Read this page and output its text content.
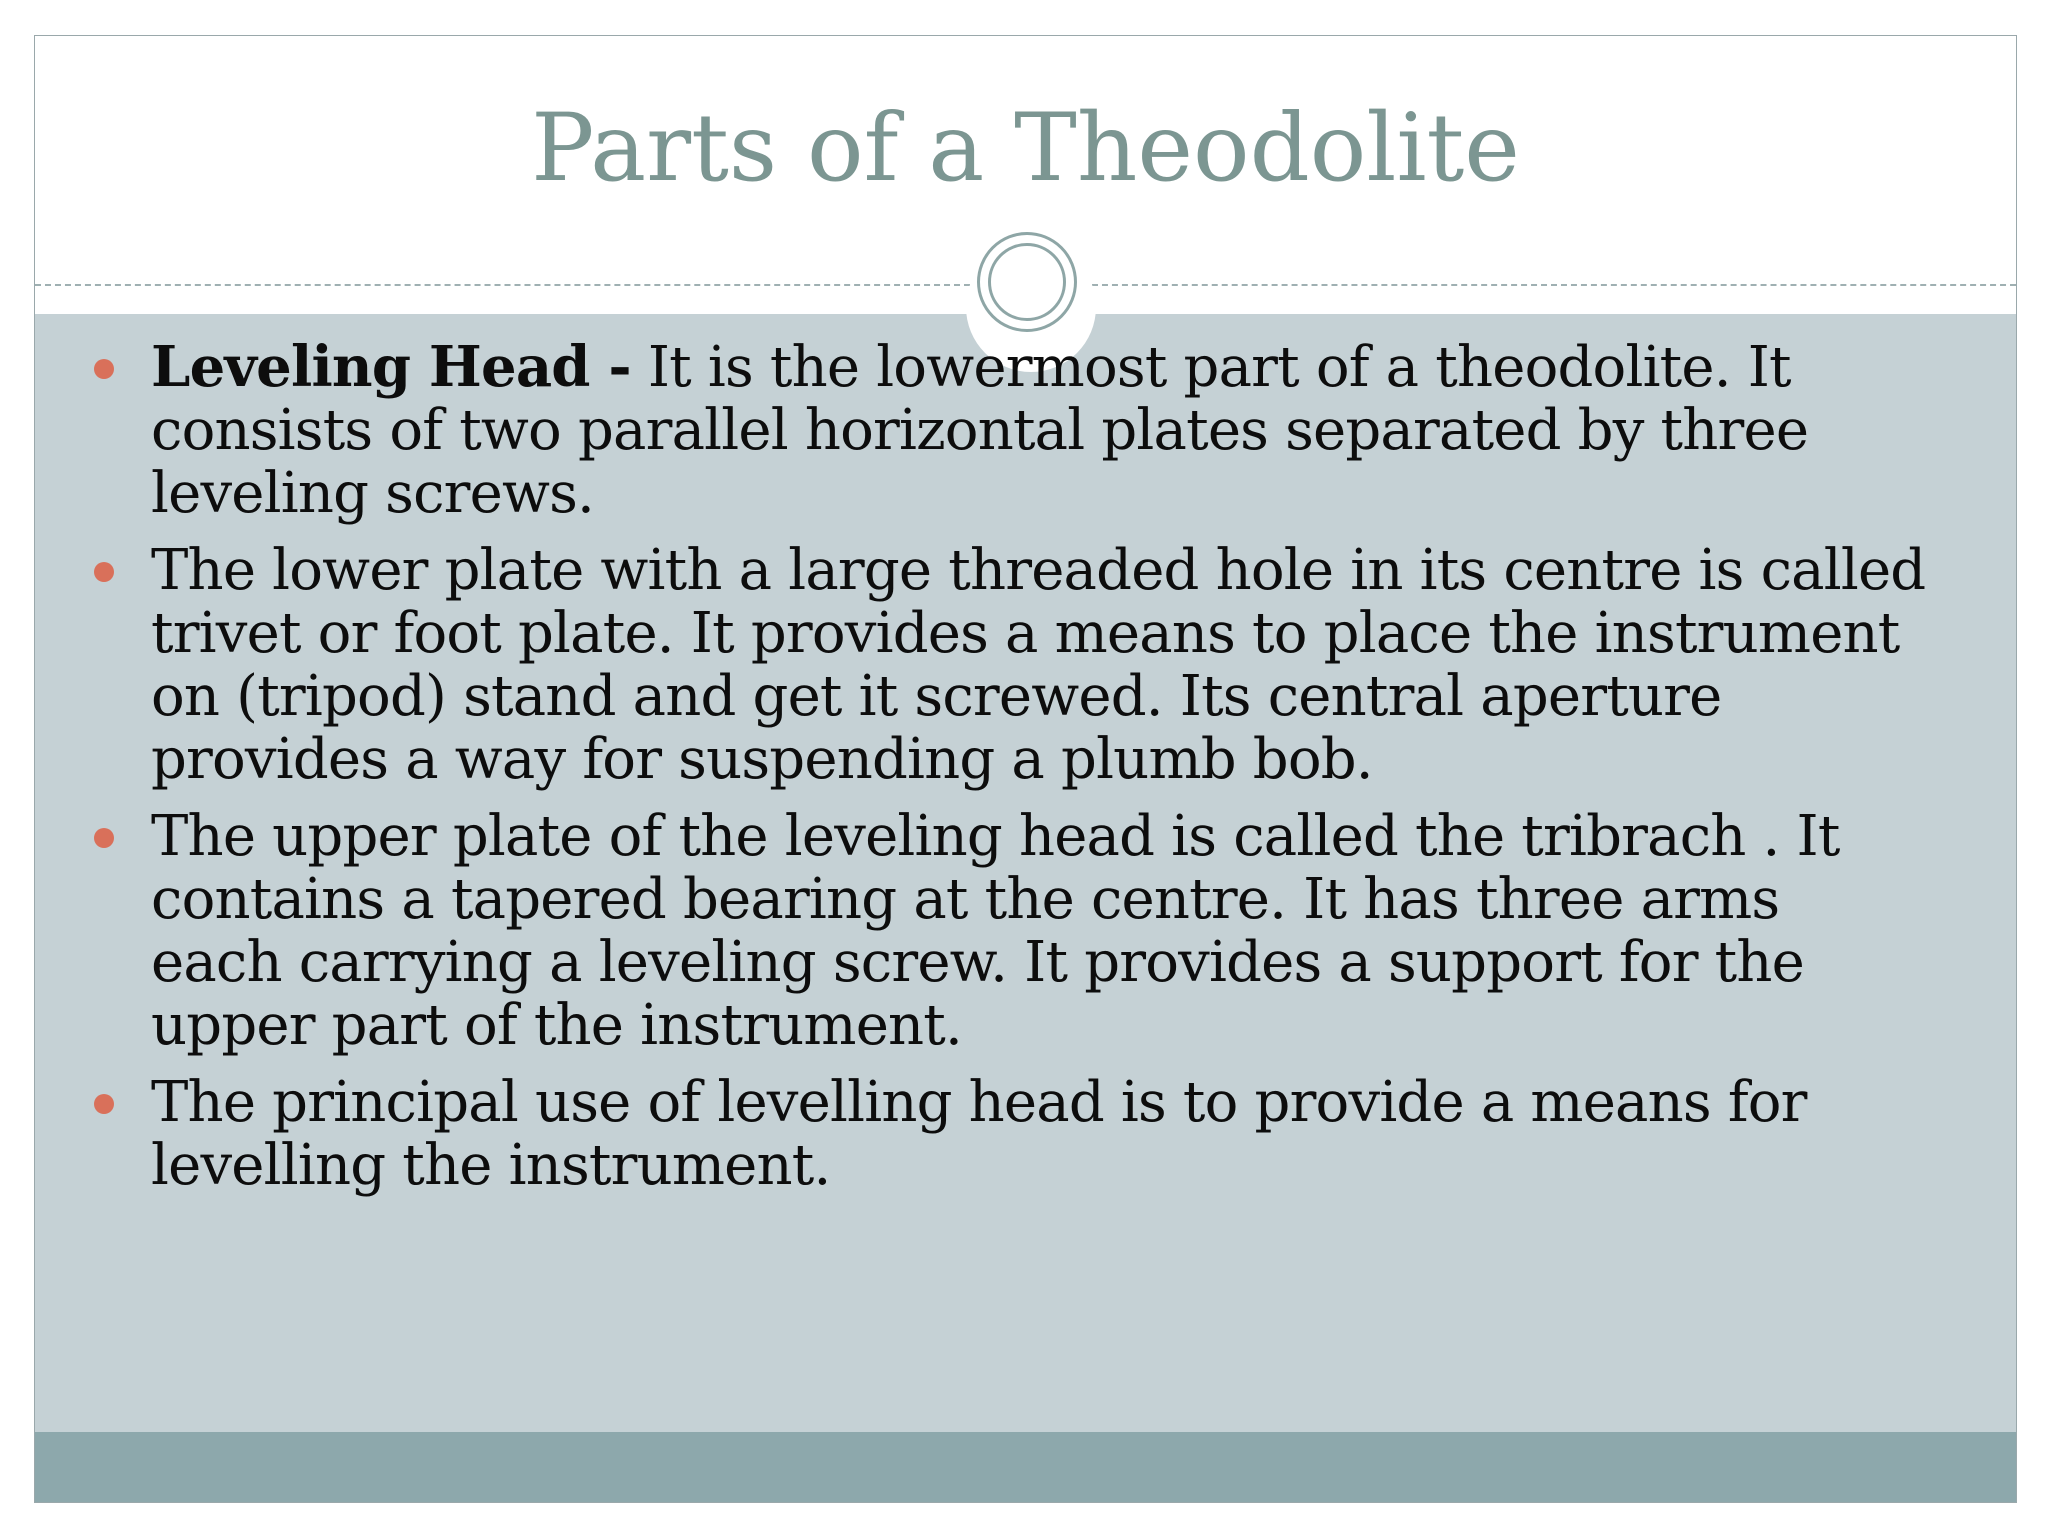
Parts of a Theodolite
Leveling Head - It is the lowermost part of a theodolite. It consists of two parallel horizontal plates separated by three leveling screws.
The lower plate with a large threaded hole in its centre is called trivet or foot plate. It provides a means to place the instrument on (tripod) stand and get it screwed. Its central aperture provides a way for suspending a plumb bob.
The upper plate of the leveling head is called the tribrach . It contains a tapered bearing at the centre. It has three arms each carrying a leveling screw. It provides a support for the upper part of the instrument.
The principal use of levelling head is to provide a means for levelling the instrument.
